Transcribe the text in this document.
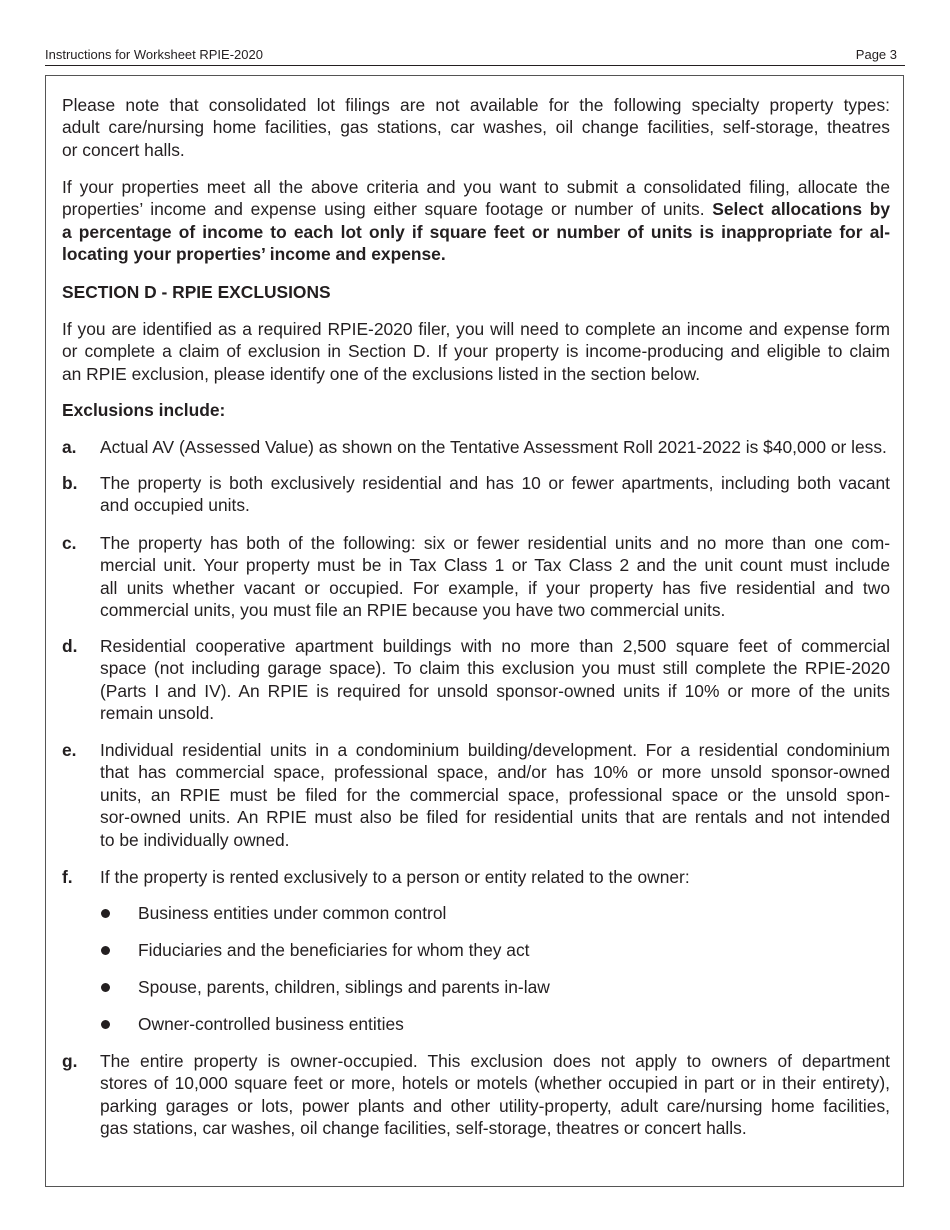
Instructions for Worksheet RPIE-2020	Page 3
Please note that consolidated lot filings are not available for the following specialty property types:
adult care/nursing home facilities, gas stations, car washes, oil change facilities, self-storage, theatres
or concert halls.
If your properties meet all the above criteria and you want to submit a consolidated filing, allocate the
properties’ income and expense using either square footage or number of units. Select allocations by
a percentage of income to each lot only if square feet or number of units is inappropriate for al-
locating your properties’ income and expense.
SECTION D - RPIE EXCLUSIONS
If you are identified as a required RPIE-2020 filer, you will need to complete an income and expense form
or complete a claim of exclusion in Section D. If your property is income-producing and eligible to claim
an RPIE exclusion, please identify one of the exclusions listed in the section below.
Exclusions include:
a. Actual AV (Assessed Value) as shown on the Tentative Assessment Roll 2021-2022 is $40,000 or less.
b. The property is both exclusively residential and has 10 or fewer apartments, including both vacant
and occupied units.
c. The property has both of the following: six or fewer residential units and no more than one com-
mercial unit. Your property must be in Tax Class 1 or Tax Class 2 and the unit count must include
all units whether vacant or occupied. For example, if your property has five residential and two
commercial units, you must file an RPIE because you have two commercial units.
d. Residential cooperative apartment buildings with no more than 2,500 square feet of commercial
space (not including garage space). To claim this exclusion you must still complete the RPIE-2020
(Parts I and IV). An RPIE is required for unsold sponsor-owned units if 10% or more of the units
remain unsold.
e. Individual residential units in a condominium building/development. For a residential condominium
that has commercial space, professional space, and/or has 10% or more unsold sponsor-owned
units, an RPIE must be filed for the commercial space, professional space or the unsold spon-
sor-owned units. An RPIE must also be filed for residential units that are rentals and not intended
to be individually owned.
f. If the property is rented exclusively to a person or entity related to the owner:
Business entities under common control
Fiduciaries and the beneficiaries for whom they act
Spouse, parents, children, siblings and parents in-law
Owner-controlled business entities
g. The entire property is owner-occupied. This exclusion does not apply to owners of department
stores of 10,000 square feet or more, hotels or motels (whether occupied in part or in their entirety),
parking garages or lots, power plants and other utility-property, adult care/nursing home facilities,
gas stations, car washes, oil change facilities, self-storage, theatres or concert halls.
